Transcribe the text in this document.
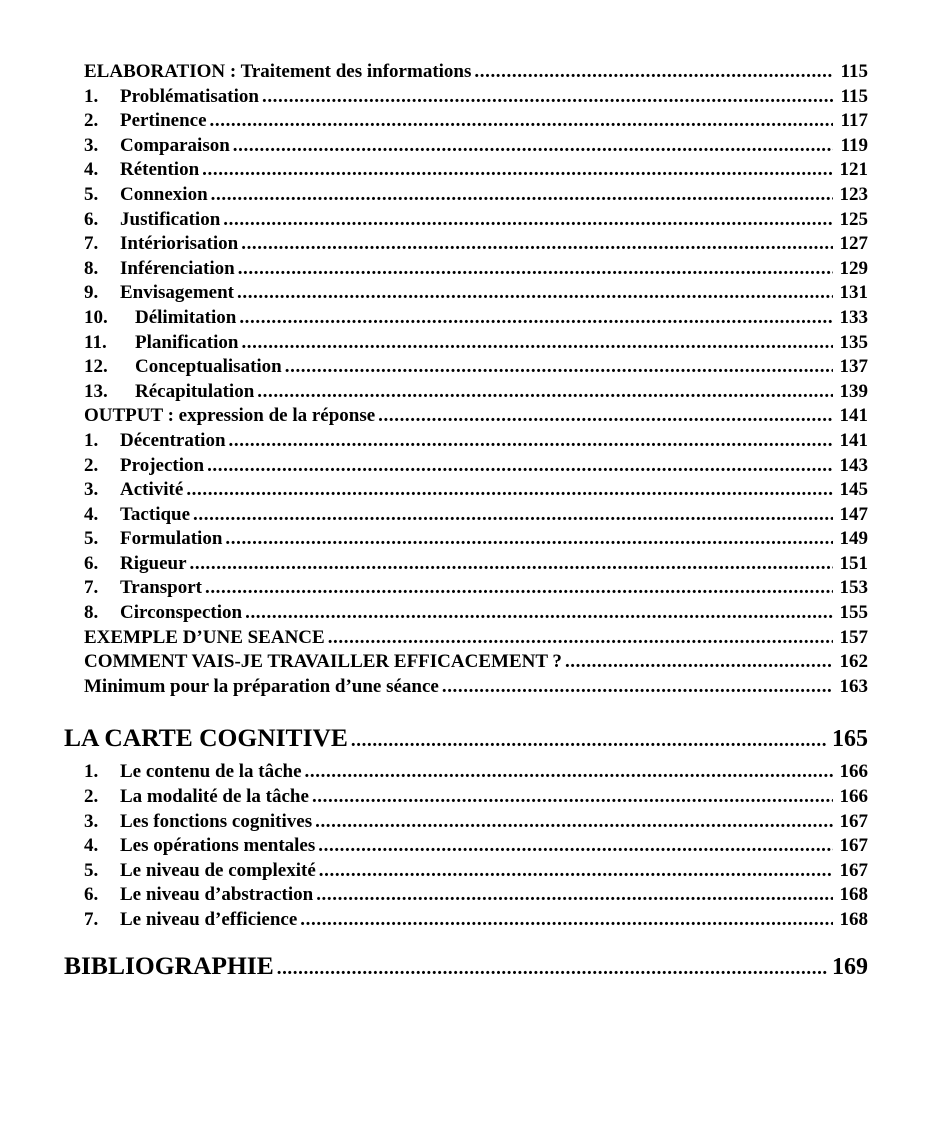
ELABORATION : Traitement des informations .....	115
1.	Problématisation .....	115
2.	Pertinence .....	117
3.	Comparaison .....	119
4.	Rétention .....	121
5.	Connexion .....	123
6.	Justification .....	125
7.	Intériorisation .....	127
8.	Inférenciation .....	129
9.	Envisagement .....	131
10.	Délimitation .....	133
11.	Planification .....	135
12.	Conceptualisation .....	137
13.	Récapitulation .....	139
OUTPUT : expression de la réponse .....	141
1.	Décentration .....	141
2.	Projection .....	143
3.	Activité .....	145
4.	Tactique .....	147
5.	Formulation .....	149
6.	Rigueur .....	151
7.	Transport .....	153
8.	Circonspection .....	155
EXEMPLE D’UNE SEANCE .....	157
COMMENT VAIS-JE TRAVAILLER EFFICACEMENT ? .....	162
Minimum pour la préparation d’une séance .....	163
LA CARTE COGNITIVE .....	165
1.	Le contenu de la tâche .....	166
2.	La modalité de la tâche .....	166
3.	Les fonctions cognitives .....	167
4.	Les opérations mentales .....	167
5.	Le niveau de complexité .....	167
6.	Le niveau d’abstraction .....	168
7.	Le niveau d’efficience .....	168
BIBLIOGRAPHIE .....	169
